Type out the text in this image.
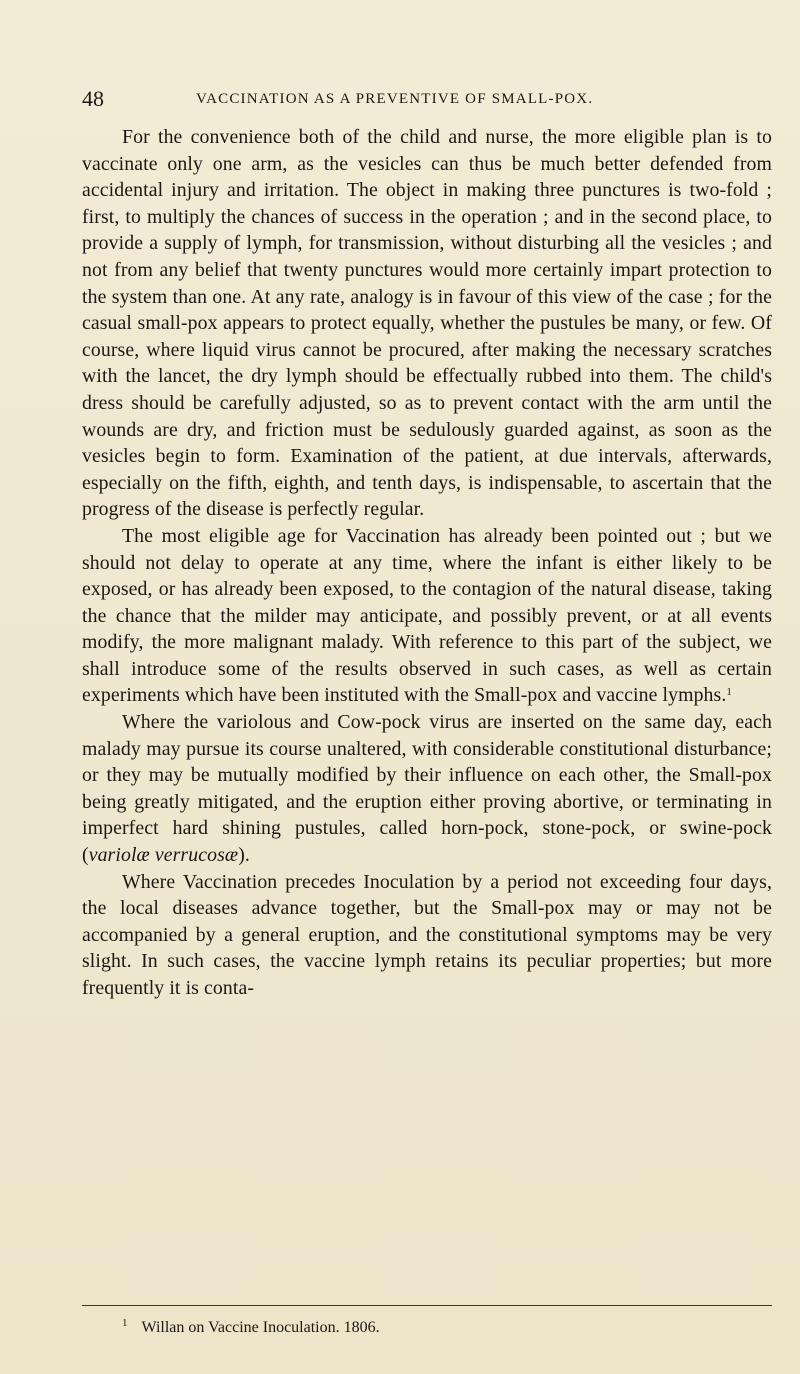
48	VACCINATION AS A PREVENTIVE OF SMALL-POX.

For the convenience both of the child and nurse, the more eligible plan is to vaccinate only one arm, as the vesicles can thus be much better defended from accidental injury and irritation. The object in making three punctures is two-fold ; first, to multiply the chances of success in the operation ; and in the second place, to provide a supply of lymph, for transmission, without disturbing all the vesicles ; and not from any belief that twenty punctures would more certainly impart protection to the system than one. At any rate, analogy is in favour of this view of the case ; for the casual small-pox appears to protect equally, whether the pustules be many, or few. Of course, where liquid virus cannot be procured, after making the necessary scratches with the lancet, the dry lymph should be effectually rubbed into them. The child's dress should be carefully adjusted, so as to prevent contact with the arm until the wounds are dry, and friction must be sedulously guarded against, as soon as the vesicles begin to form. Examination of the patient, at due intervals, afterwards, especially on the fifth, eighth, and tenth days, is indispensable, to ascertain that the progress of the disease is perfectly regular.

The most eligible age for Vaccination has already been pointed out ; but we should not delay to operate at any time, where the infant is either likely to be exposed, or has already been exposed, to the contagion of the natural disease, taking the chance that the milder may anticipate, and possibly prevent, or at all events modify, the more malignant malady. With reference to this part of the subject, we shall introduce some of the results observed in such cases, as well as certain experiments which have been instituted with the Small-pox and vaccine lymphs.$^1$

Where the variolous and Cow-pock virus are inserted on the same day, each malady may pursue its course unaltered, with considerable constitutional disturbance; or they may be mutually modified by their influence on each other, the Small-pox being greatly mitigated, and the eruption either proving abortive, or terminating in imperfect hard shining pustules, called horn-pock, stone-pock, or swine-pock (variolæ verrucosæ).

Where Vaccination precedes Inoculation by a period not exceeding four days, the local diseases advance together, but the Small-pox may or may not be accompanied by a general eruption, and the constitutional symptoms may be very slight. In such cases, the vaccine lymph retains its peculiar properties; but more frequently it is conta-

$^1$ Willan on Vaccine Inoculation. 1806.
